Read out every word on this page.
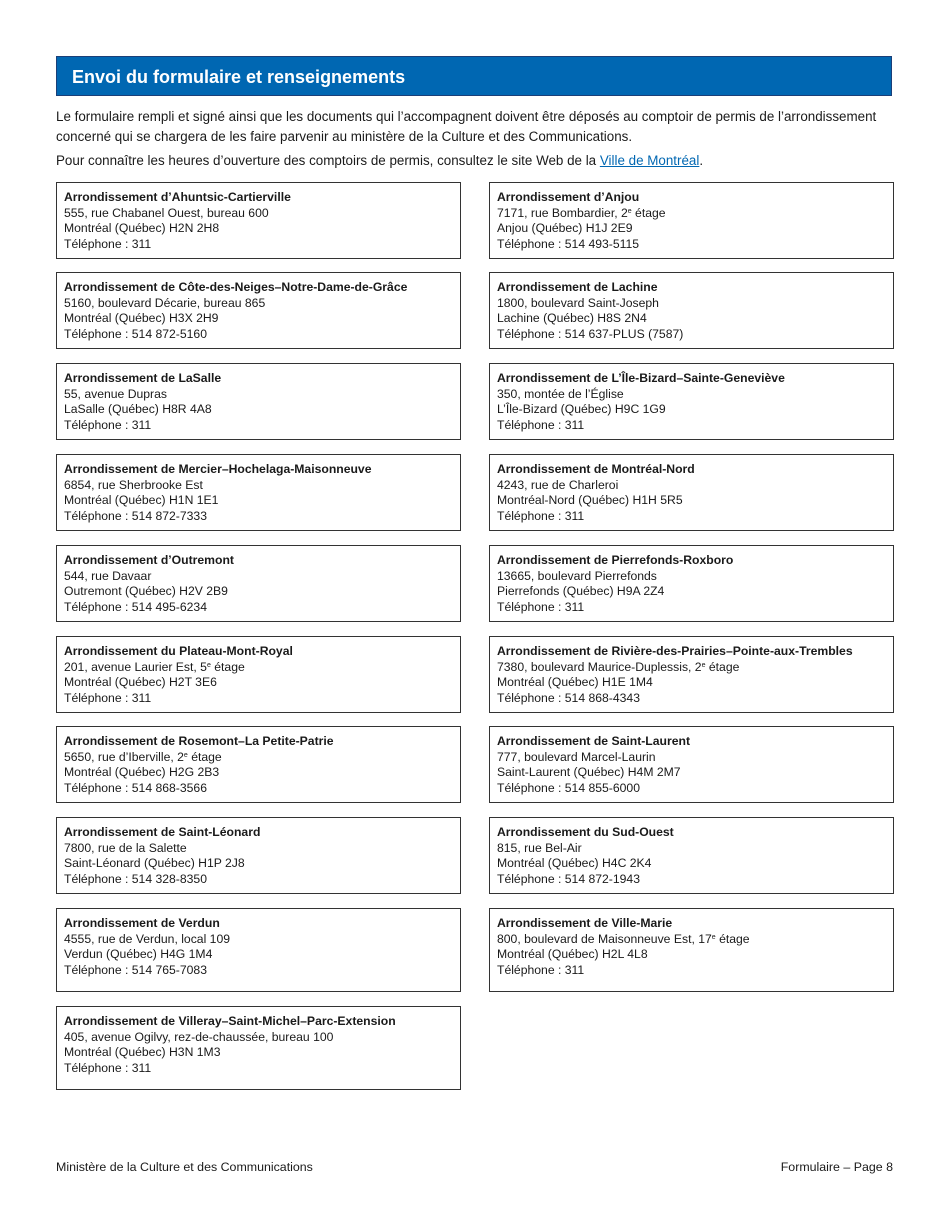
Envoi du formulaire et renseignements
Le formulaire rempli et signé ainsi que les documents qui l’accompagnent doivent être déposés au comptoir de permis de l’arrondissement concerné qui se chargera de les faire parvenir au ministère de la Culture et des Communications.
Pour connaître les heures d’ouverture des comptoirs de permis, consultez le site Web de la Ville de Montréal.
Arrondissement d’Ahuntsic-Cartierville
555, rue Chabanel Ouest, bureau 600
Montréal (Québec) H2N 2H8
Téléphone : 311
Arrondissement d’Anjou
7171, rue Bombardier, 2e étage
Anjou (Québec) H1J 2E9
Téléphone : 514 493-5115
Arrondissement de Côte-des-Neiges–Notre-Dame-de-Grâce
5160, boulevard Décarie, bureau 865
Montréal (Québec) H3X 2H9
Téléphone : 514 872-5160
Arrondissement de Lachine
1800, boulevard Saint-Joseph
Lachine (Québec) H8S 2N4
Téléphone : 514 637-PLUS (7587)
Arrondissement de LaSalle
55, avenue Dupras
LaSalle (Québec) H8R 4A8
Téléphone : 311
Arrondissement de L’Île-Bizard–Sainte-Geneviève
350, montée de l’Église
L’Île-Bizard (Québec) H9C 1G9
Téléphone : 311
Arrondissement de Mercier–Hochelaga-Maisonneuve
6854, rue Sherbrooke Est
Montréal (Québec) H1N 1E1
Téléphone : 514 872-7333
Arrondissement de Montréal-Nord
4243, rue de Charleroi
Montréal-Nord (Québec) H1H 5R5
Téléphone : 311
Arrondissement d’Outremont
544, rue Davaar
Outremont (Québec) H2V 2B9
Téléphone : 514 495-6234
Arrondissement de Pierrefonds-Roxboro
13665, boulevard Pierrefonds
Pierrefonds (Québec) H9A 2Z4
Téléphone : 311
Arrondissement du Plateau-Mont-Royal
201, avenue Laurier Est, 5e étage
Montréal (Québec) H2T 3E6
Téléphone : 311
Arrondissement de Rivière-des-Prairies–Pointe-aux-Trembles
7380, boulevard Maurice-Duplessis, 2e étage
Montréal (Québec) H1E 1M4
Téléphone : 514 868-4343
Arrondissement de Rosemont–La Petite-Patrie
5650, rue d’Iberville, 2e étage
Montréal (Québec) H2G 2B3
Téléphone : 514 868-3566
Arrondissement de Saint-Laurent
777, boulevard Marcel-Laurin
Saint-Laurent (Québec) H4M 2M7
Téléphone : 514 855-6000
Arrondissement de Saint-Léonard
7800, rue de la Salette
Saint-Léonard (Québec) H1P 2J8
Téléphone : 514 328-8350
Arrondissement du Sud-Ouest
815, rue Bel-Air
Montréal (Québec) H4C 2K4
Téléphone : 514 872-1943
Arrondissement de Verdun
4555, rue de Verdun, local 109
Verdun (Québec) H4G 1M4
Téléphone : 514 765-7083
Arrondissement de Ville-Marie
800, boulevard de Maisonneuve Est, 17e étage
Montréal (Québec) H2L 4L8
Téléphone : 311
Arrondissement de Villeray–Saint-Michel–Parc-Extension
405, avenue Ogilvy, rez-de-chaussée, bureau 100
Montréal (Québec) H3N 1M3
Téléphone : 311
Ministère de la Culture et des Communications	Formulaire – Page 8
